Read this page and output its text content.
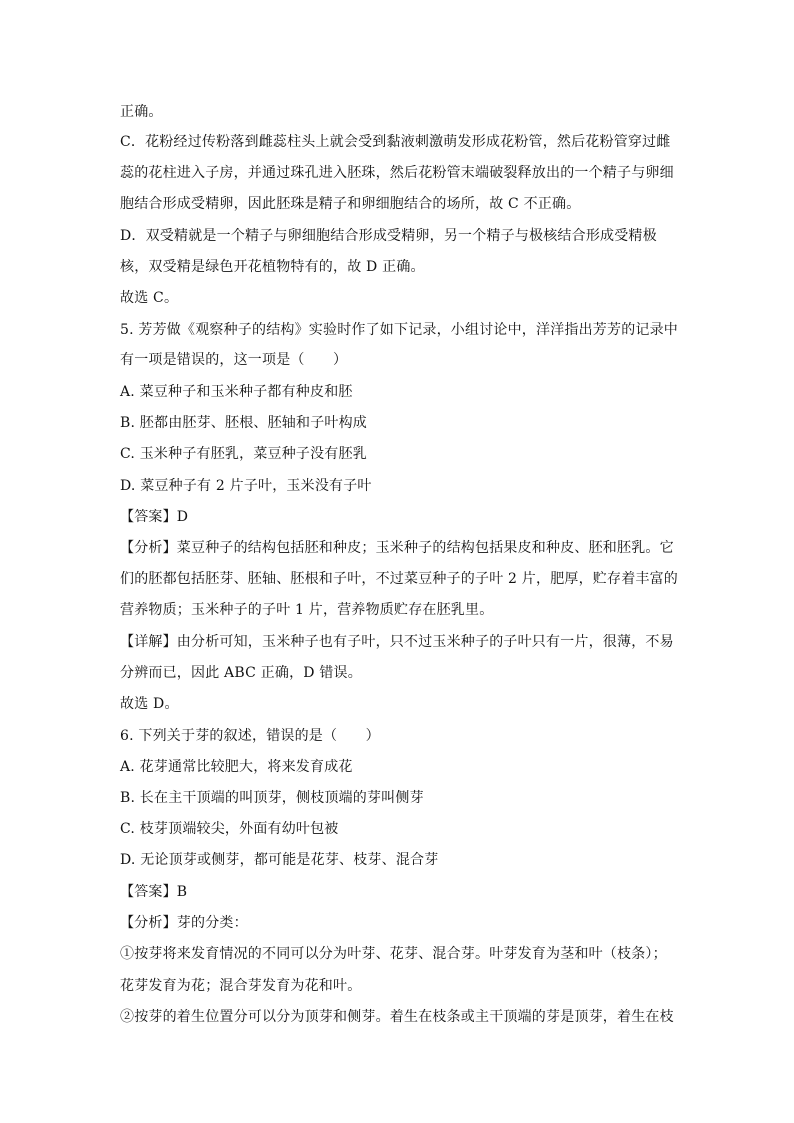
正确。
C．花粉经过传粉落到雌蕊柱头上就会受到黏液刺激萌发形成花粉管，然后花粉管穿过雌
蕊的花柱进入子房，并通过珠孔进入胚珠，然后花粉管末端破裂释放出的一个精子与卵细
胞结合形成受精卵，因此胚珠是精子和卵细胞结合的场所，故 C 不正确。
D．双受精就是一个精子与卵细胞结合形成受精卵，另一个精子与极核结合形成受精极
核，双受精是绿色开花植物特有的，故 D 正确。
故选 C。
5. 芳芳做《观察种子的结构》实验时作了如下记录，小组讨论中，洋洋指出芳芳的记录中
有一项是错误的，这一项是（　　）
A. 菜豆种子和玉米种子都有种皮和胚
B. 胚都由胚芽、胚根、胚轴和子叶构成
C. 玉米种子有胚乳，菜豆种子没有胚乳
D. 菜豆种子有 2 片子叶，玉米没有子叶
【答案】D
【分析】菜豆种子的结构包括胚和种皮；玉米种子的结构包括果皮和种皮、胚和胚乳。它
们的胚都包括胚芽、胚轴、胚根和子叶，不过菜豆种子的子叶 2 片，肥厚，贮存着丰富的
营养物质；玉米种子的子叶 1 片，营养物质贮存在胚乳里。
【详解】由分析可知，玉米种子也有子叶，只不过玉米种子的子叶只有一片，很薄，不易
分辨而已，因此 ABC 正确，D 错误。
故选 D。
6. 下列关于芽的叙述，错误的是（　　）
A. 花芽通常比较肥大，将来发育成花
B. 长在主干顶端的叫顶芽，侧枝顶端的芽叫侧芽
C. 枝芽顶端较尖，外面有幼叶包被
D. 无论顶芽或侧芽，都可能是花芽、枝芽、混合芽
【答案】B
【分析】芽的分类：
①按芽将来发育情况的不同可以分为叶芽、花芽、混合芽。叶芽发育为茎和叶（枝条）；
花芽发育为花；混合芽发育为花和叶。
②按芽的着生位置分可以分为顶芽和侧芽。着生在枝条或主干顶端的芽是顶芽，着生在枝
